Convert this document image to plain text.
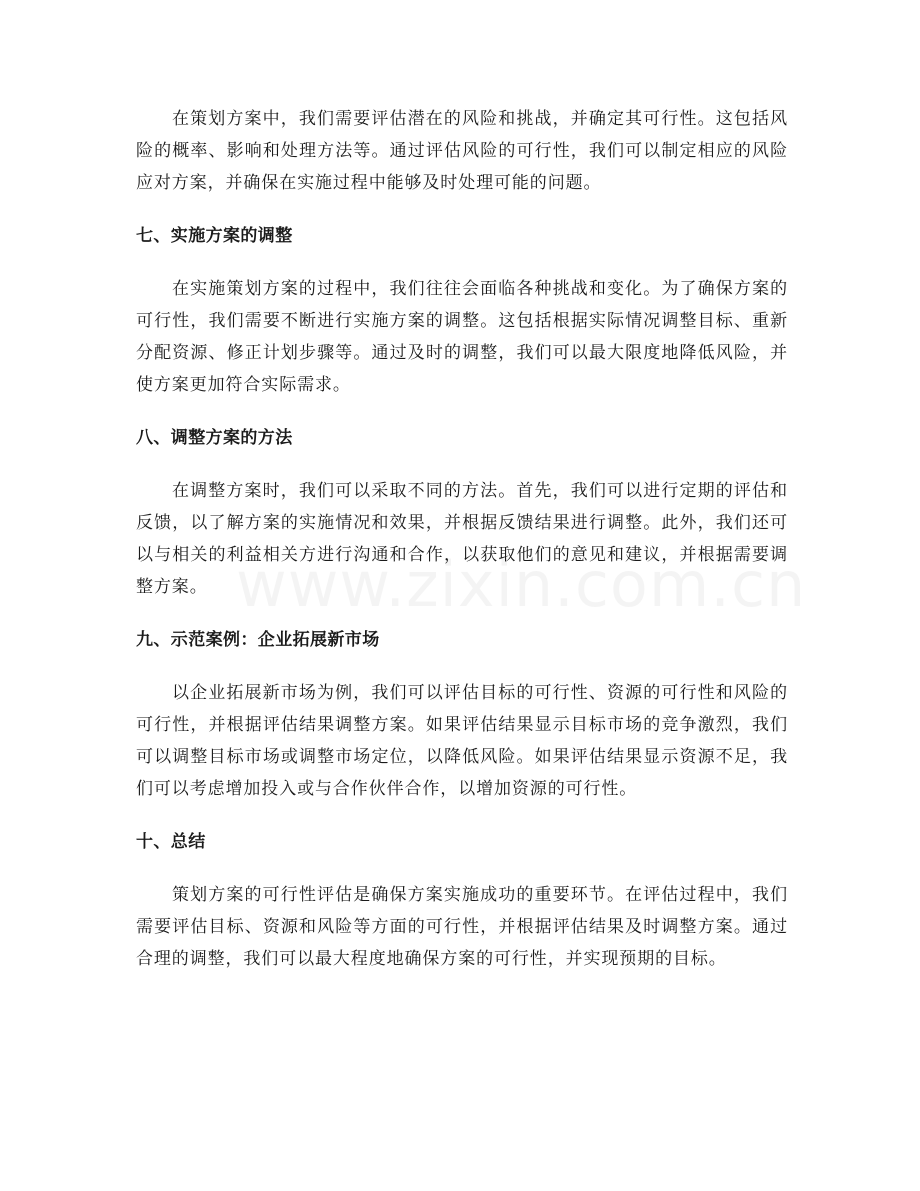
在策划方案中，我们需要评估潜在的风险和挑战，并确定其可行性。这包括风险的概率、影响和处理方法等。通过评估风险的可行性，我们可以制定相应的风险应对方案，并确保在实施过程中能够及时处理可能的问题。

七、实施方案的调整

在实施策划方案的过程中，我们往往会面临各种挑战和变化。为了确保方案的可行性，我们需要不断进行实施方案的调整。这包括根据实际情况调整目标、重新分配资源、修正计划步骤等。通过及时的调整，我们可以最大限度地降低风险，并使方案更加符合实际需求。

八、调整方案的方法

在调整方案时，我们可以采取不同的方法。首先，我们可以进行定期的评估和反馈，以了解方案的实施情况和效果，并根据反馈结果进行调整。此外，我们还可以与相关的利益相关方进行沟通和合作，以获取他们的意见和建议，并根据需要调整方案。

九、示范案例：企业拓展新市场

以企业拓展新市场为例，我们可以评估目标的可行性、资源的可行性和风险的可行性，并根据评估结果调整方案。如果评估结果显示目标市场的竞争激烈，我们可以调整目标市场或调整市场定位，以降低风险。如果评估结果显示资源不足，我们可以考虑增加投入或与合作伙伴合作，以增加资源的可行性。

十、总结

策划方案的可行性评估是确保方案实施成功的重要环节。在评估过程中，我们需要评估目标、资源和风险等方面的可行性，并根据评估结果及时调整方案。通过合理的调整，我们可以最大程度地确保方案的可行性，并实现预期的目标。
